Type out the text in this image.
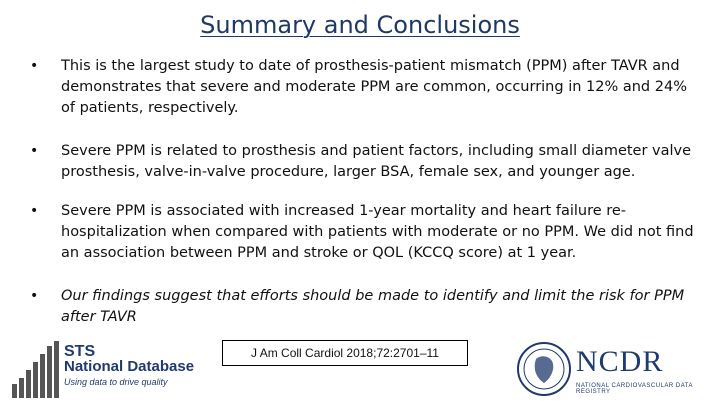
Summary and Conclusions
• This is the largest study to date of prosthesis-patient mismatch (PPM) after TAVR and demonstrates that severe and moderate PPM are common, occurring in 12% and 24% of patients, respectively.
• Severe PPM is related to prosthesis and patient factors, including small diameter valve prosthesis, valve-in-valve procedure, larger BSA, female sex, and younger age.
• Severe PPM is associated with increased 1-year mortality and heart failure re-hospitalization when compared with patients with moderate or no PPM. We did not find an association between PPM and stroke or QOL (KCCQ score) at 1 year.
• Our findings suggest that efforts should be made to identify and limit the risk for PPM after TAVR
J Am Coll Cardiol 2018;72:2701–11
STS
National Database
Using data to drive quality
NCDR
NATIONAL CARDIOVASCULAR DATA REGISTRY
